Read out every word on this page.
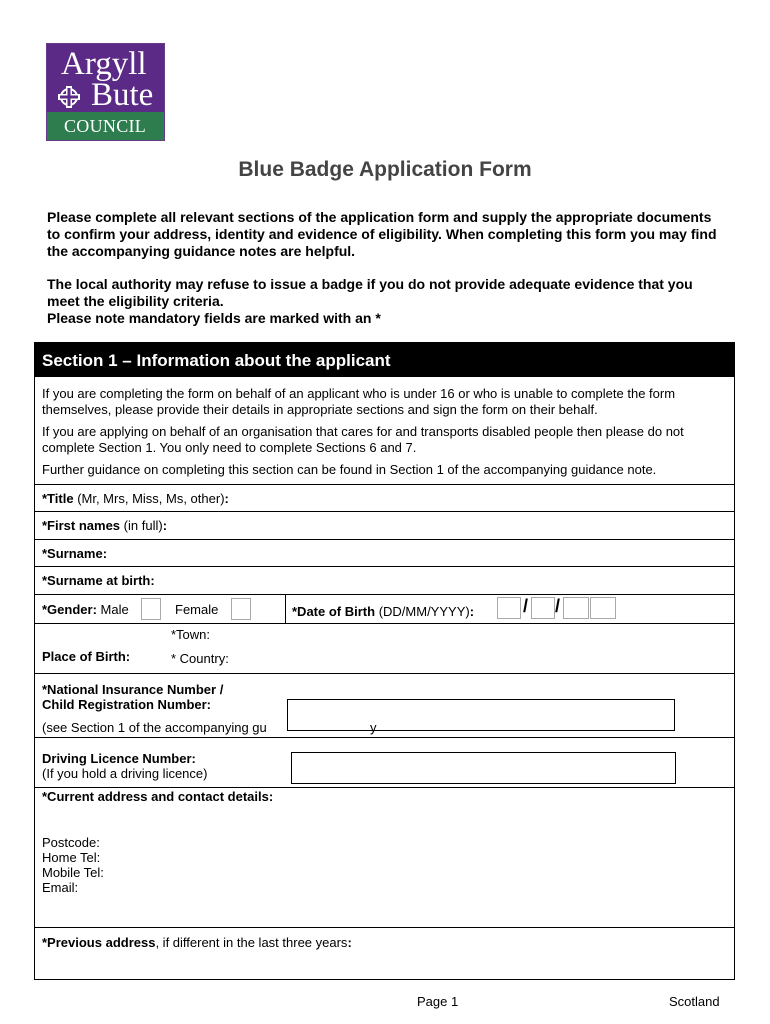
Argyll
Bute
COUNCIL
Blue Badge Application Form
Please complete all relevant sections of the application form and supply the appropriate documents to confirm your address, identity and evidence of eligibility. When completing this form you may find the accompanying guidance notes are helpful.
The local authority may refuse to issue a badge if you do not provide adequate evidence that you meet the eligibility criteria.
Please note mandatory fields are marked with an *
Section 1 – Information about the applicant
If you are completing the form on behalf of an applicant who is under 16 or who is unable to complete the form themselves, please provide their details in appropriate sections and sign the form on their behalf.
If you are applying on behalf of an organisation that cares for and transports disabled people then please do not complete Section 1. You only need to complete Sections 6 and 7.
Further guidance on completing this section can be found in Section 1 of the accompanying guidance note.
*Title (Mr, Mrs, Miss, Ms, other):
*First names (in full):
*Surname:
*Surname at birth:
*Gender: Male	Female	*Date of Birth (DD/MM/YYYY):	/ /
Place of Birth:
*Town:
* Country:
*National Insurance Number /
Child Registration Number:
(see Section 1 of the accompanying gu	y
Driving Licence Number:
(If you hold a driving licence)
*Current address and contact details:
Postcode:
Home Tel:
Mobile Tel:
Email:
*Previous address, if different in the last three years:
Page 1	Scotland
